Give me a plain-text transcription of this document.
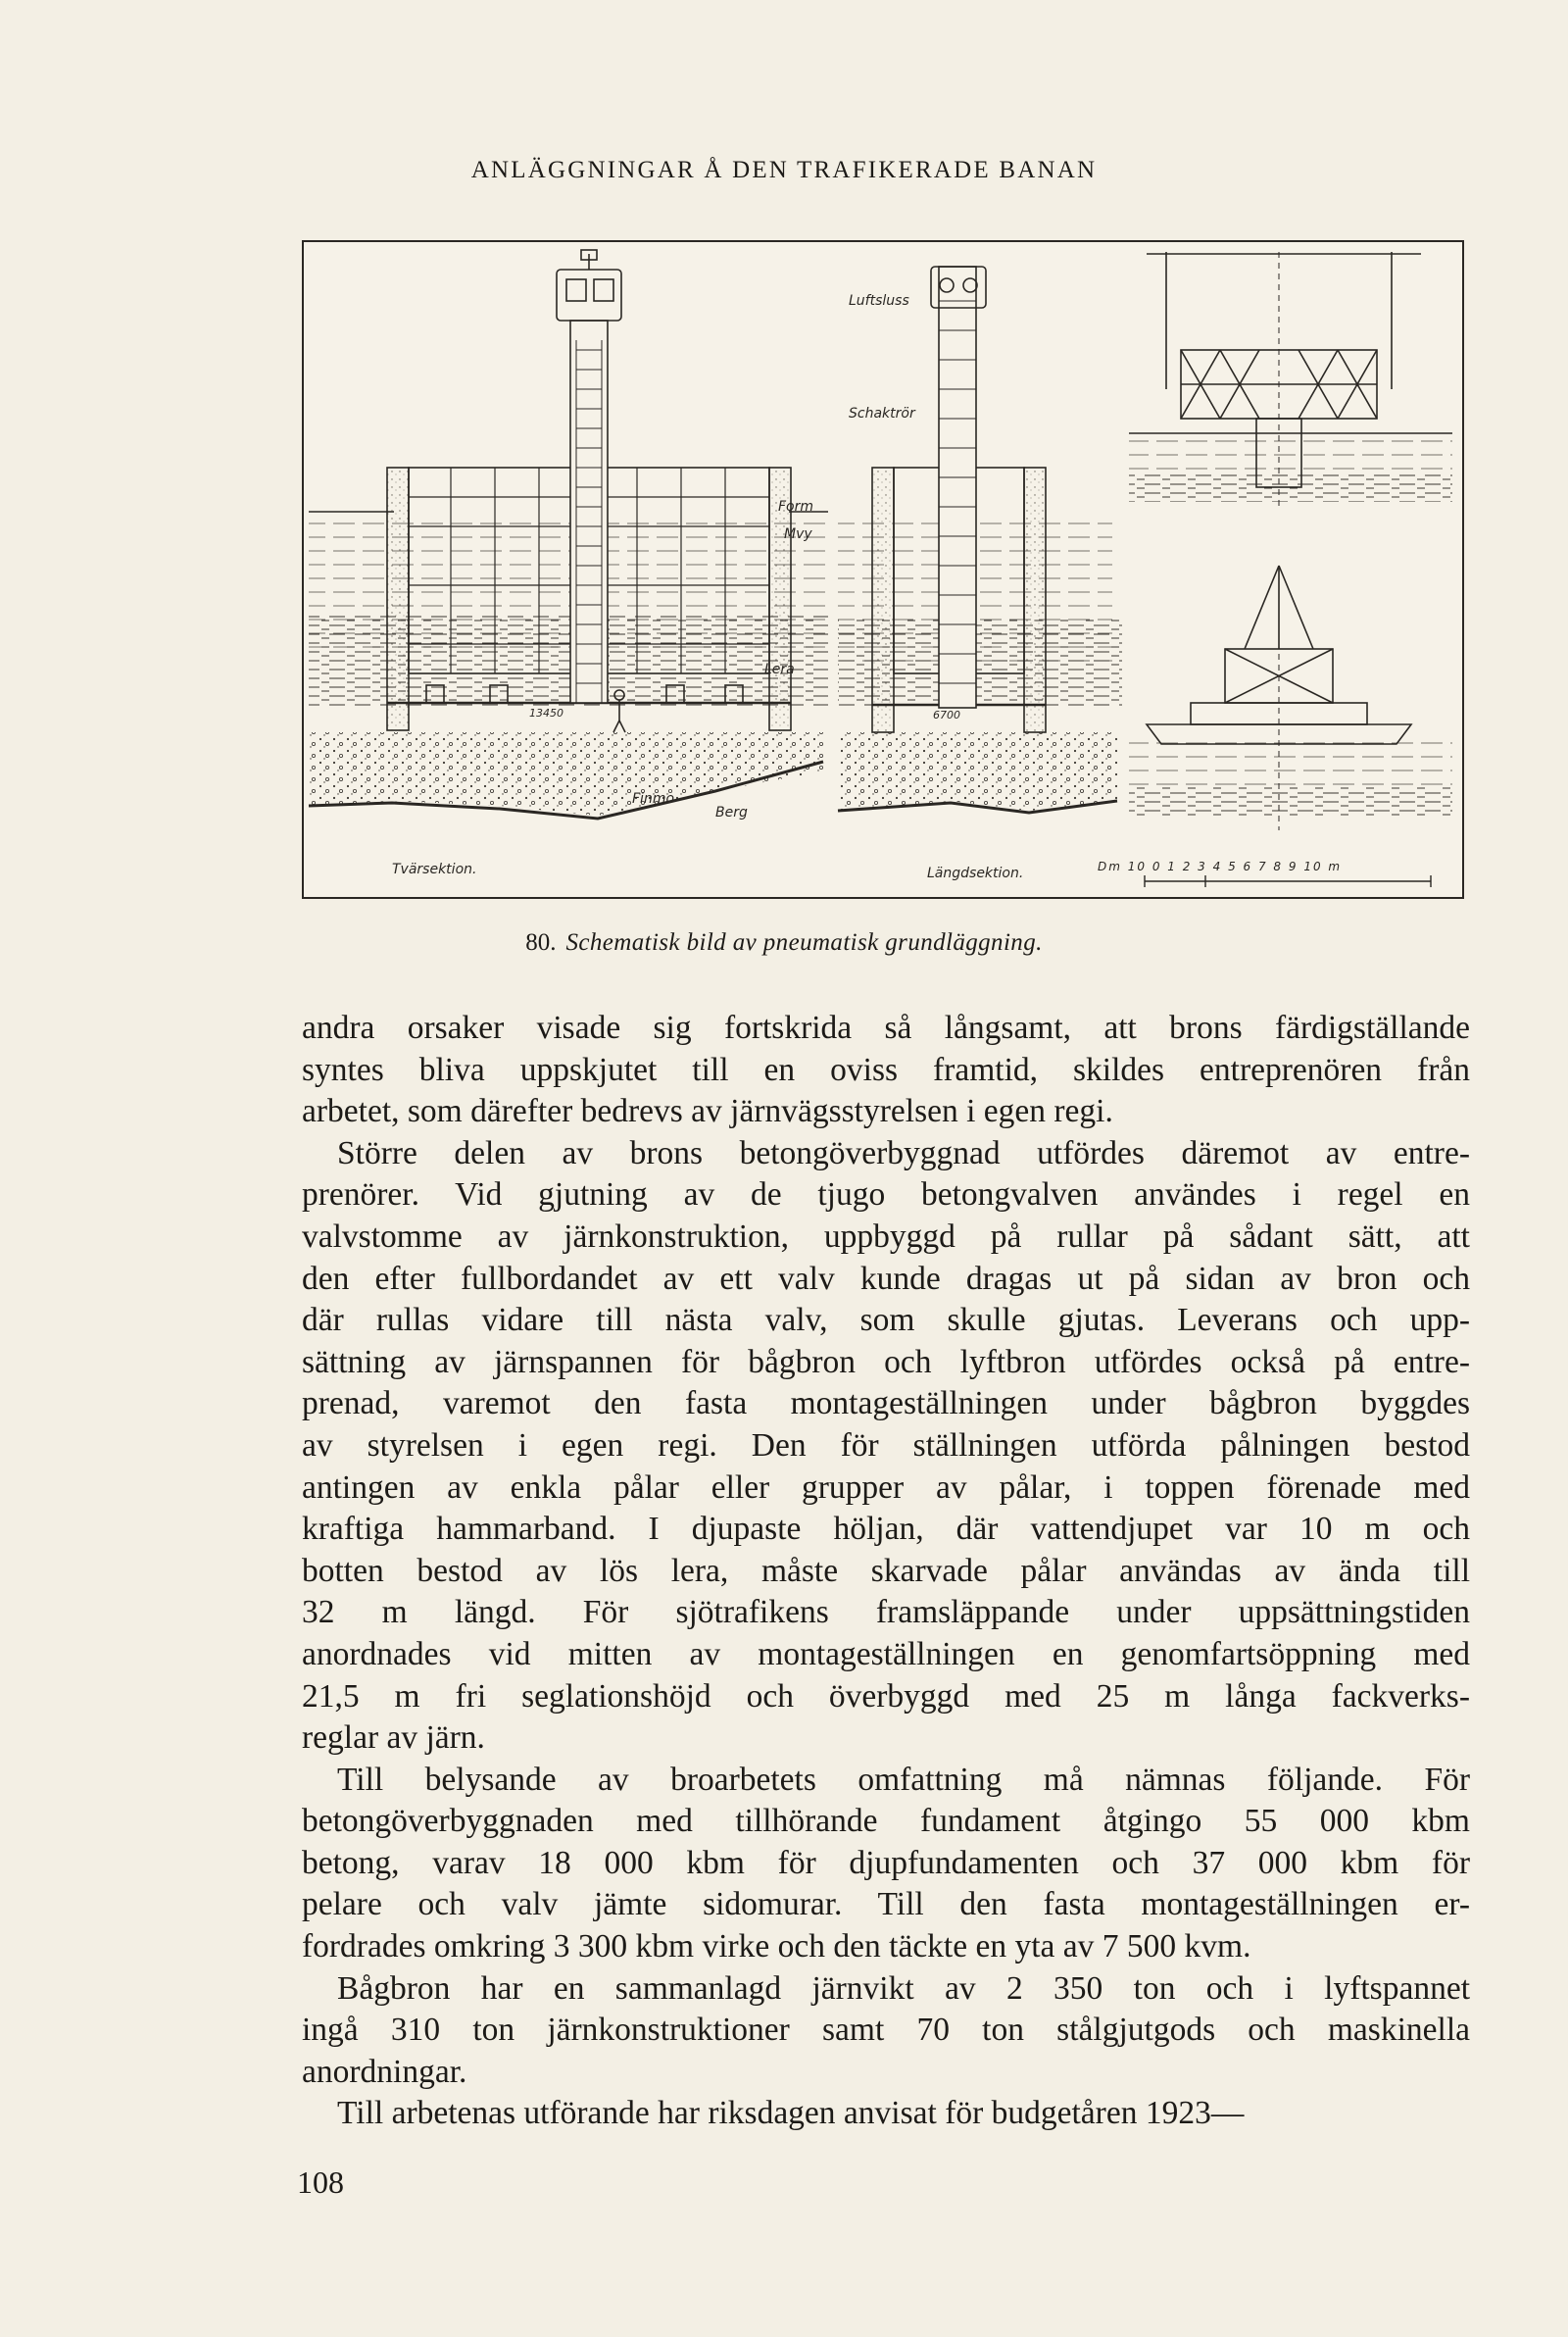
ANLÄGGNINGAR Å DEN TRAFIKERADE BANAN
Luftsluss
Schaktrör
Form
Mvy
Lera
Finmo
Berg
13450	6700
Tvärsektion.	Längdsektion.	Dm 10 0 1 2 3 4 5 6 7 8 9 10 m
80. Schematisk bild av pneumatisk grundläggning.

andra orsaker visade sig fortskrida så långsamt, att brons färdigställande
syntes bliva uppskjutet till en oviss framtid, skildes entreprenören från
arbetet, som därefter bedrevs av järnvägsstyrelsen i egen regi.

Större delen av brons betongöverbyggnad utfördes däremot av entre-
prenörer. Vid gjutning av de tjugo betongvalven användes i regel en
valvstomme av järnkonstruktion, uppbyggd på rullar på sådant sätt, att
den efter fullbordandet av ett valv kunde dragas ut på sidan av bron och
där rullas vidare till nästa valv, som skulle gjutas. Leverans och upp-
sättning av järnspannen för bågbron och lyftbron utfördes också på entre-
prenad, varemot den fasta montageställningen under bågbron byggdes
av styrelsen i egen regi. Den för ställningen utförda pålningen bestod
antingen av enkla pålar eller grupper av pålar, i toppen förenade med
kraftiga hammarband. I djupaste höljan, där vattendjupet var 10 m och
botten bestod av lös lera, måste skarvade pålar användas av ända till
32 m längd. För sjötrafikens framsläppande under uppsättningstiden
anordnades vid mitten av montageställningen en genomfartsöppning med
21,5 m fri seglationshöjd och överbyggd med 25 m långa fackverks-
reglar av järn.

Till belysande av broarbetets omfattning må nämnas följande. För
betongöverbyggnaden med tillhörande fundament åtgingo 55 000 kbm
betong, varav 18 000 kbm för djupfundamenten och 37 000 kbm för
pelare och valv jämte sidomurar. Till den fasta montageställningen er-
fordrades omkring 3 300 kbm virke och den täckte en yta av 7 500 kvm.

Bågbron har en sammanlagd järnvikt av 2 350 ton och i lyftspannet
ingå 310 ton järnkonstruktioner samt 70 ton stålgjutgods och maskinella
anordningar.

Till arbetenas utförande har riksdagen anvisat för budgetåren 1923—

108
